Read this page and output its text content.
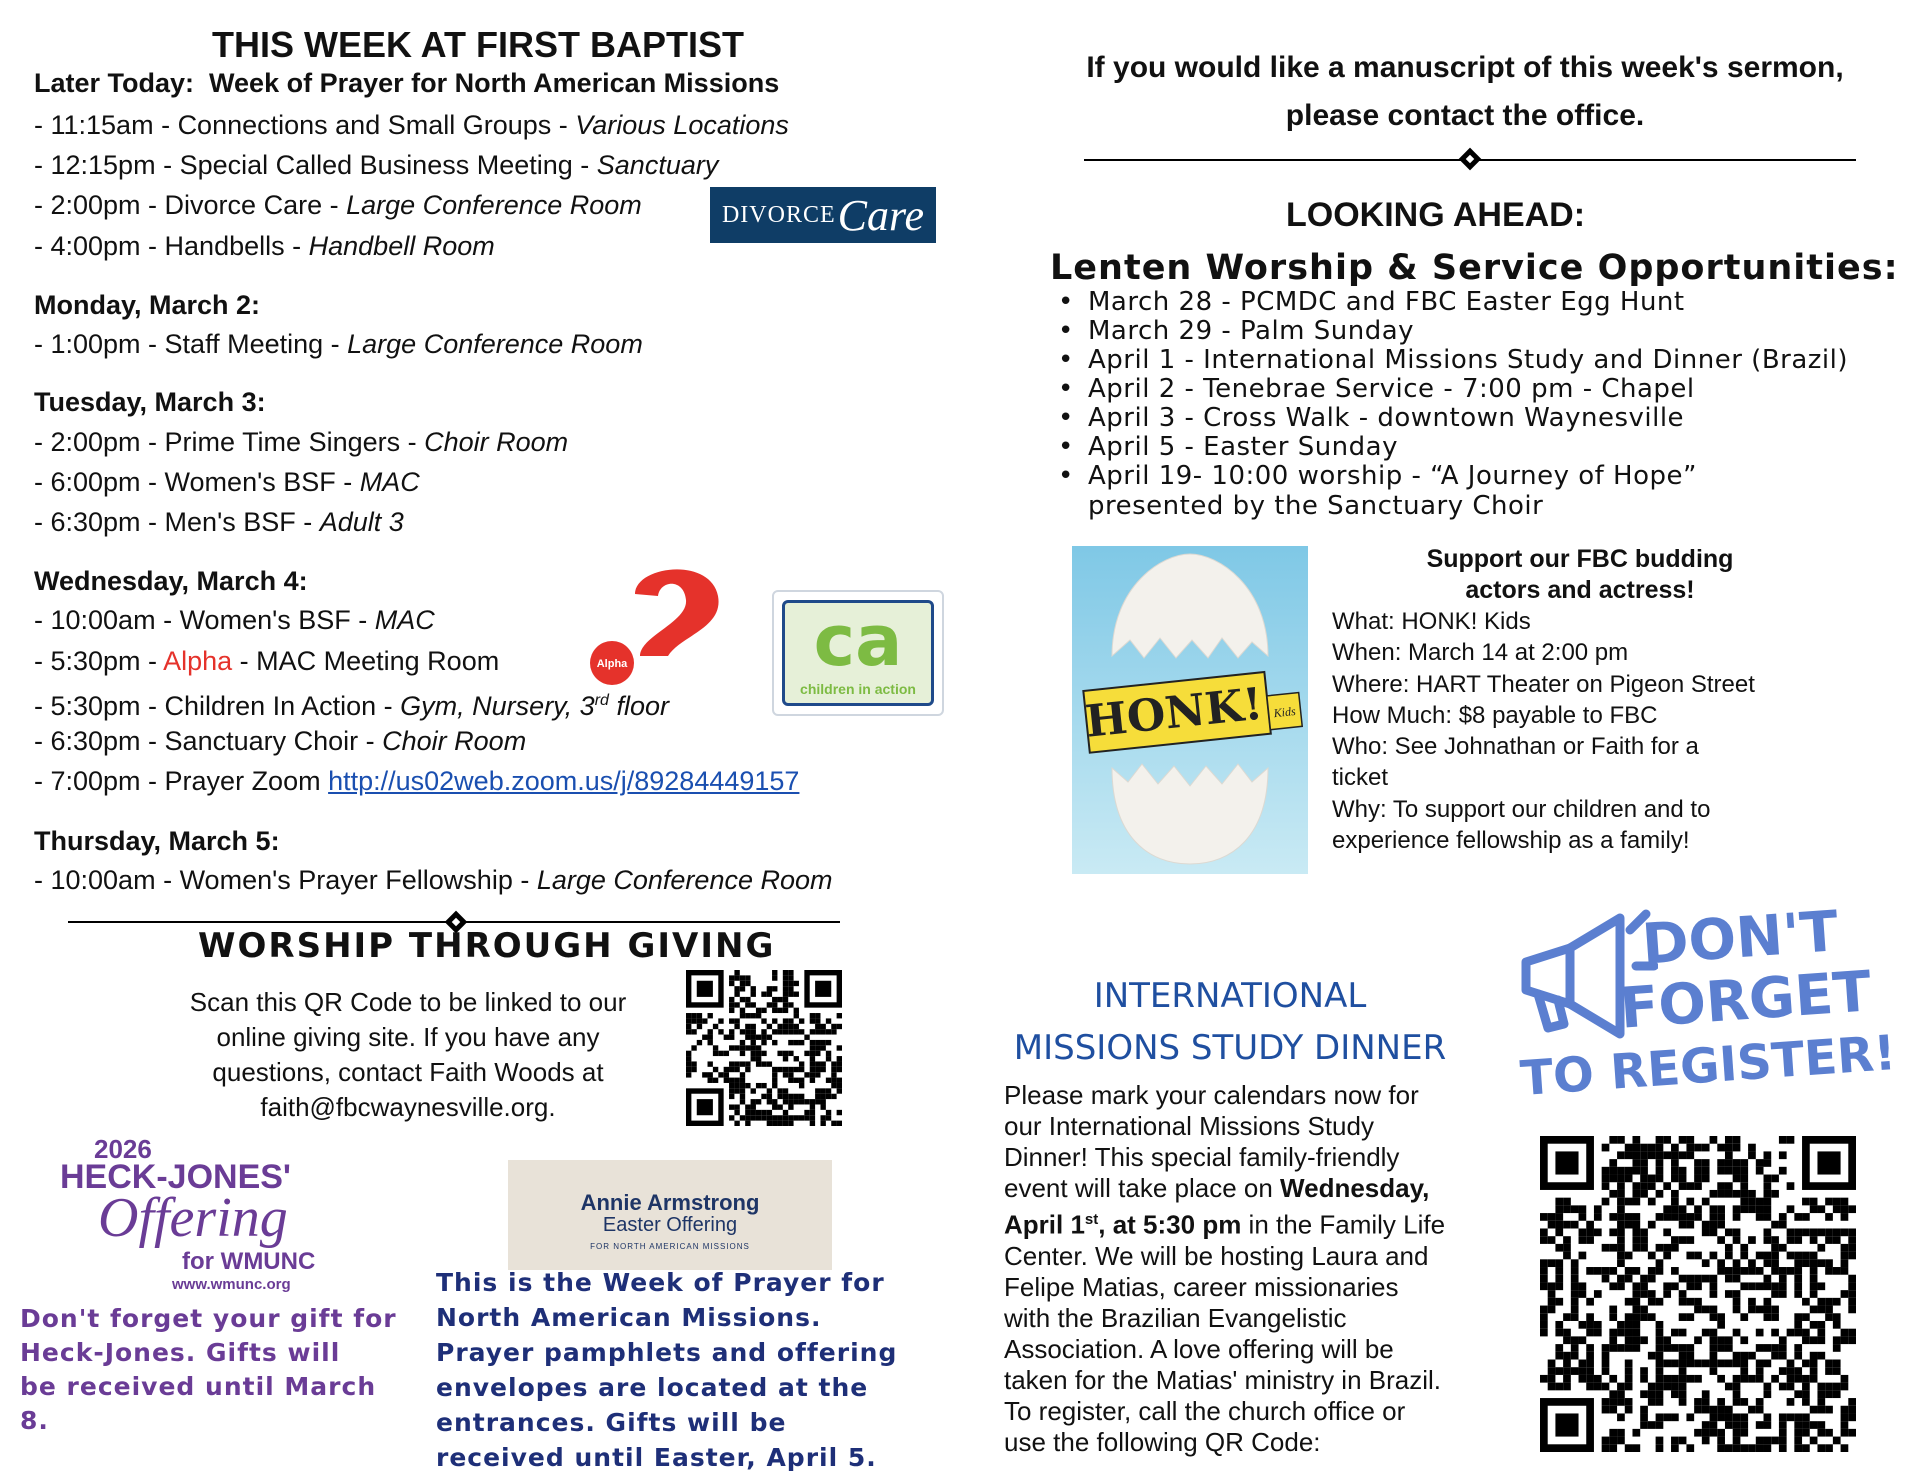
THIS WEEK AT FIRST BAPTIST
Later Today: Week of Prayer for North American Missions
- 11:15am - Connections and Small Groups - Various Locations
- 12:15pm - Special Called Business Meeting - Sanctuary
- 2:00pm - Divorce Care - Large Conference Room
- 4:00pm - Handbells - Handbell Room
DIVORCE Care
Monday, March 2:
- 1:00pm - Staff Meeting - Large Conference Room
Tuesday, March 3:
- 2:00pm - Prime Time Singers - Choir Room
- 6:00pm - Women's BSF - MAC
- 6:30pm - Men's BSF - Adult 3
Wednesday, March 4:
- 10:00am - Women's BSF - MAC
- 5:30pm - Alpha - MAC Meeting Room
- 5:30pm - Children In Action - Gym, Nursery, 3rd floor
- 6:30pm - Sanctuary Choir - Choir Room
- 7:00pm - Prayer Zoom http://us02web.zoom.us/j/89284449157
Alpha	ca
children in action
Thursday, March 5:
- 10:00am - Women's Prayer Fellowship - Large Conference Room
WORSHIP THROUGH GIVING
Scan this QR Code to be linked to our
online giving site. If you have any
questions, contact Faith Woods at
faith@fbcwaynesville.org.
2026
HECK-JONES'
Offering
for WMUNC
www.wmunc.org
Don't forget your gift for
Heck-Jones. Gifts will
be received until March
8.
Annie Armstrong
Easter Offering
FOR NORTH AMERICAN MISSIONS
This is the Week of Prayer for
North American Missions.
Prayer pamphlets and offering
envelopes are located at the
entrances. Gifts will be
received until Easter, April 5.
If you would like a manuscript of this week's sermon,
please contact the office.
LOOKING AHEAD:
Lenten Worship & Service Opportunities:
• March 28 - PCMDC and FBC Easter Egg Hunt
• March 29 - Palm Sunday
• April 1 - International Missions Study and Dinner (Brazil)
• April 2 - Tenebrae Service - 7:00 pm - Chapel
• April 3 - Cross Walk - downtown Waynesville
• April 5 - Easter Sunday
• April 19- 10:00 worship - “A Journey of Hope”
presented by the Sanctuary Choir
HONK! Kids
Support our FBC budding
actors and actress!
What: HONK! Kids
When: March 14 at 2:00 pm
Where: HART Theater on Pigeon Street
How Much: $8 payable to FBC
Who: See Johnathan or Faith for a
ticket
Why: To support our children and to
experience fellowship as a family!
INTERNATIONAL
MISSIONS STUDY DINNER
Please mark your calendars now for
our International Missions Study
Dinner! This special family-friendly
event will take place on Wednesday,
April 1st, at 5:30 pm in the Family Life
Center. We will be hosting Laura and
Felipe Matias, career missionaries
with the Brazilian Evangelistic
Association. A love offering will be
taken for the Matias' ministry in Brazil.
To register, call the church office or
use the following QR Code:
DON'T
FORGET
TO REGISTER!
